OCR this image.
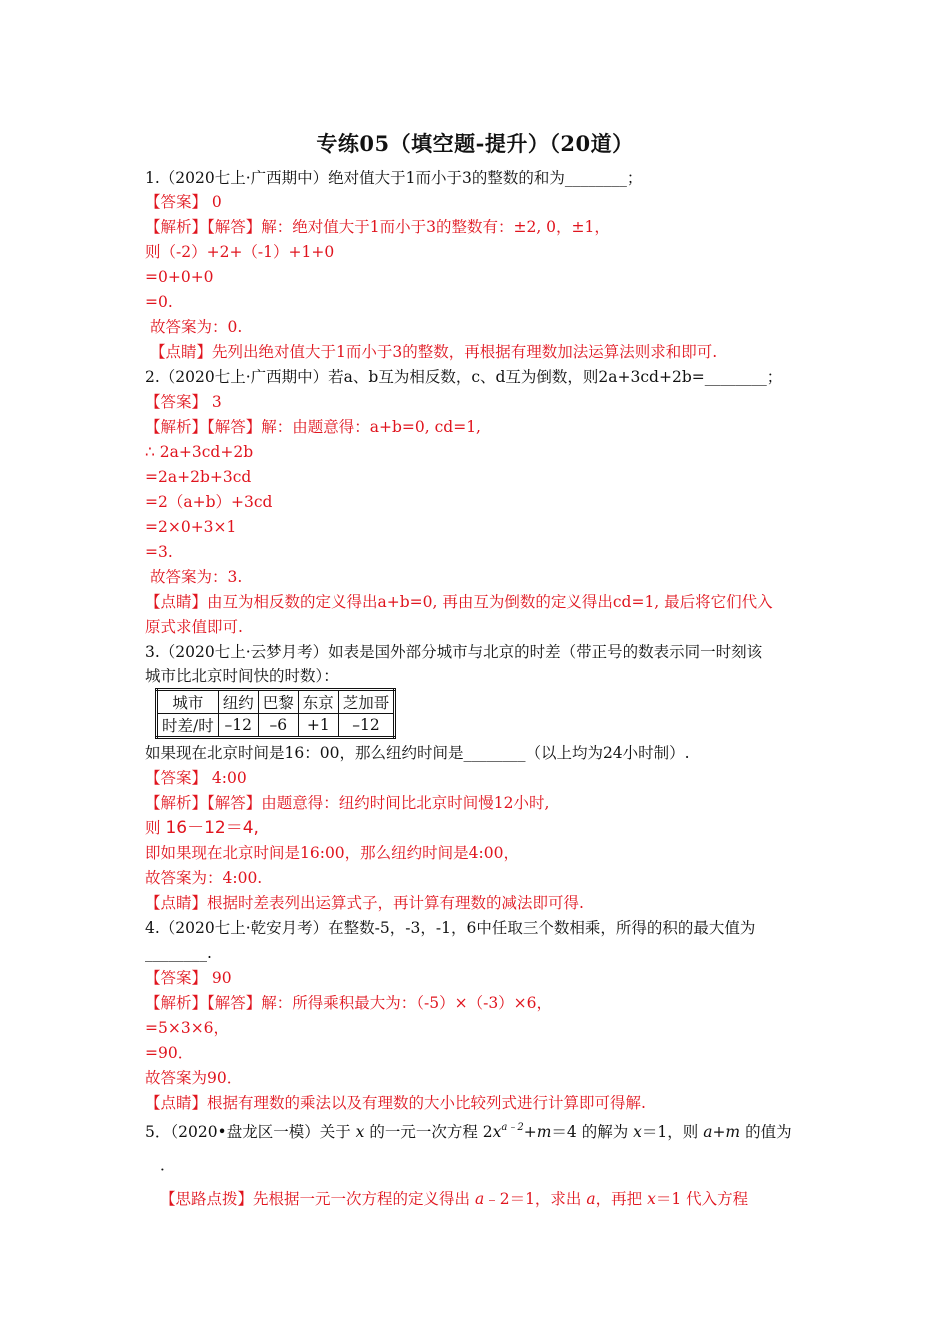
专练05（填空题-提升）（20道）
1.（2020七上·广西期中）绝对值大于1而小于3的整数的和为________；
【答案】 0
【解析】【解答】解：绝对值大于1而小于3的整数有：±2, 0，±1，
则（-2）+2+（-1）+1+0
=0+0+0
=0.
故答案为：0.
【点睛】先列出绝对值大于1而小于3的整数，再根据有理数加法运算法则求和即可.
2.（2020七上·广西期中）若a、b互为相反数，c、d互为倒数，则2a+3cd+2b=________；
【答案】 3
【解析】【解答】解：由题意得：a+b=0, cd=1,
∴ 2a+3cd+2b
=2a+2b+3cd
=2（a+b）+3cd
=2×0+3×1
=3.
故答案为：3.
【点睛】由互为相反数的定义得出a+b=0, 再由互为倒数的定义得出cd=1, 最后将它们代入
原式求值即可.
3.（2020七上·云梦月考）如表是国外部分城市与北京的时差（带正号的数表示同一时刻该
城市比北京时间快的时数）：
城市	纽约	巴黎	东京	芝加哥
时差/时	–12	–6	+1	–12
如果现在北京时间是16：00，那么纽约时间是________（以上均为24小时制）.
【答案】 4:00
【解析】【解答】由题意得：纽约时间比北京时间慢12小时,
则 16－12＝4,
即如果现在北京时间是16:00，那么纽约时间是4:00，
故答案为：4:00.
【点睛】根据时差表列出运算式子，再计算有理数的减法即可得.
4.（2020七上·乾安月考）在整数-5，-3，-1，6中任取三个数相乘，所得的积的最大值为
________.
【答案】 90
【解析】【解答】解：所得乘积最大为：（-5）×（-3）×6，
=5×3×6，
=90．
故答案为90．
【点睛】根据有理数的乘法以及有理数的大小比较列式进行计算即可得解.
5．（2020•盘龙区一模）关于 x 的一元一次方程 $2x^{a﹣2}+m=4$ 的解为 x＝1，则 a+m 的值为
．
【思路点拨】先根据一元一次方程的定义得出 a﹣2＝1，求出 a，再把 x＝1 代入方程
